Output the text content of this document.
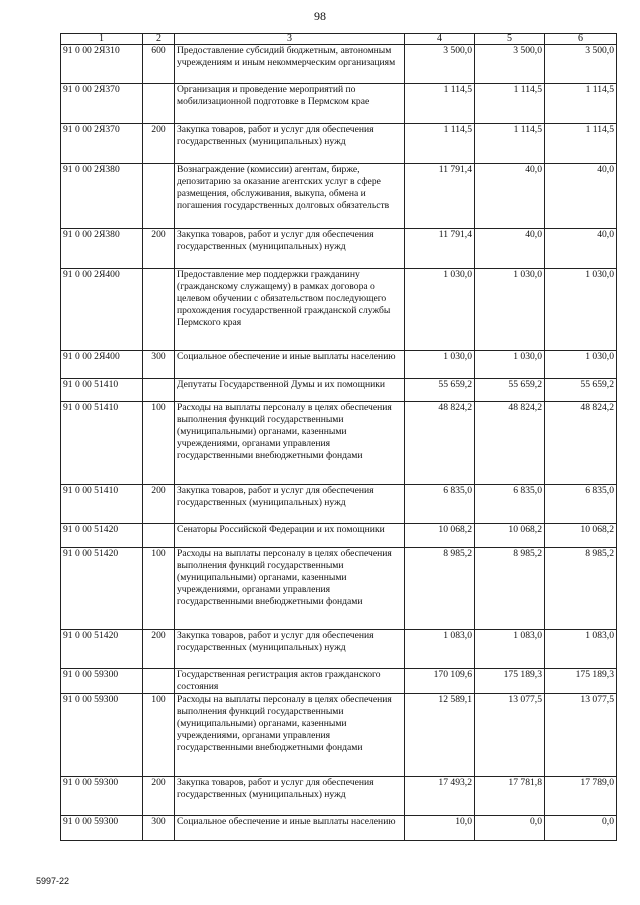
98
1	2	3	4	5	6
91 0 00 2Я310	600	Предоставление субсидий бюджетным, автономным учреждениям и иным некоммерческим организациям	3 500,0	3 500,0	3 500,0
91 0 00 2Я370		Организация и проведение мероприятий по мобилизационной подготовке в Пермском крае	1 114,5	1 114,5	1 114,5
91 0 00 2Я370	200	Закупка товаров, работ и услуг для обеспечения государственных (муниципальных) нужд	1 114,5	1 114,5	1 114,5
91 0 00 2Я380		Вознаграждение (комиссии) агентам, бирже, депозитарию за оказание агентских услуг в сфере размещения, обслуживания, выкупа, обмена и погашения государственных долговых обязательств	11 791,4	40,0	40,0
91 0 00 2Я380	200	Закупка товаров, работ и услуг для обеспечения государственных (муниципальных) нужд	11 791,4	40,0	40,0
91 0 00 2Я400		Предоставление мер поддержки гражданину (гражданскому служащему) в рамках договора о целевом обучении с обязательством последующего прохождения государственной гражданской службы Пермского края	1 030,0	1 030,0	1 030,0
91 0 00 2Я400	300	Социальное обеспечение и иные выплаты населению	1 030,0	1 030,0	1 030,0
91 0 00 51410		Депутаты Государственной Думы и их помощники	55 659,2	55 659,2	55 659,2
91 0 00 51410	100	Расходы на выплаты персоналу в целях обеспечения выполнения функций государственными (муниципальными) органами, казенными учреждениями, органами управления государственными внебюджетными фондами	48 824,2	48 824,2	48 824,2
91 0 00 51410	200	Закупка товаров, работ и услуг для обеспечения государственных (муниципальных) нужд	6 835,0	6 835,0	6 835,0
91 0 00 51420		Сенаторы Российской Федерации и их помощники	10 068,2	10 068,2	10 068,2
91 0 00 51420	100	Расходы на выплаты персоналу в целях обеспечения выполнения функций государственными (муниципальными) органами, казенными учреждениями, органами управления государственными внебюджетными фондами	8 985,2	8 985,2	8 985,2
91 0 00 51420	200	Закупка товаров, работ и услуг для обеспечения государственных (муниципальных) нужд	1 083,0	1 083,0	1 083,0
91 0 00 59300		Государственная регистрация актов гражданского состояния	170 109,6	175 189,3	175 189,3
91 0 00 59300	100	Расходы на выплаты персоналу в целях обеспечения выполнения функций государственными (муниципальными) органами, казенными учреждениями, органами управления государственными внебюджетными фондами	12 589,1	13 077,5	13 077,5
91 0 00 59300	200	Закупка товаров, работ и услуг для обеспечения государственных (муниципальных) нужд	17 493,2	17 781,8	17 789,0
91 0 00 59300	300	Социальное обеспечение и иные выплаты населению	10,0	0,0	0,0
5997-22
